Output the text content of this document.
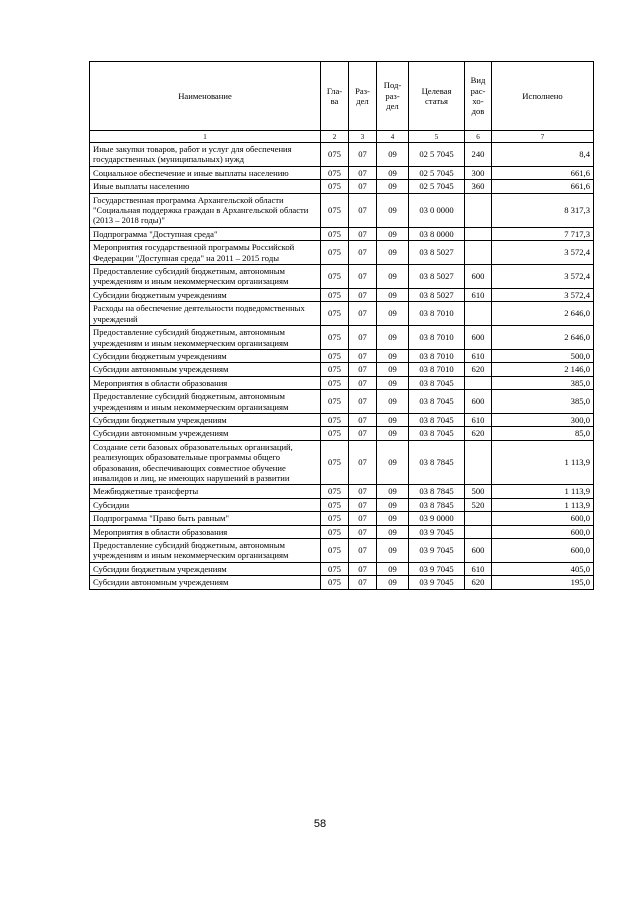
Наименование	Гла-ва	Раз-дел	Под-раз-дел	Целевая статья	Вид рас-хо-дов	Исполнено
1	2	3	4	5	6	7
Иные закупки товаров, работ и услуг для обеспечения государственных (муниципальных) нужд	075	07	09	02 5 7045	240	8,4
Социальное обеспечение и иные выплаты населению	075	07	09	02 5 7045	300	661,6
Иные выплаты населению	075	07	09	02 5 7045	360	661,6
Государственная программа Архангельской области "Социальная поддержка граждан в Архангельской области (2013 – 2018 годы)"	075	07	09	03 0 0000		8 317,3
Подпрограмма "Доступная среда"	075	07	09	03 8 0000		7 717,3
Мероприятия государственной программы Российской Федерации "Доступная среда" на 2011 – 2015 годы	075	07	09	03 8 5027		3 572,4
Предоставление субсидий бюджетным, автономным учреждениям и иным некоммерческим организациям	075	07	09	03 8 5027	600	3 572,4
Субсидии бюджетным учреждениям	075	07	09	03 8 5027	610	3 572,4
Расходы на обеспечение деятельности подведомственных учреждений	075	07	09	03 8 7010		2 646,0
Предоставление субсидий бюджетным, автономным учреждениям и иным некоммерческим организациям	075	07	09	03 8 7010	600	2 646,0
Субсидии бюджетным учреждениям	075	07	09	03 8 7010	610	500,0
Субсидии автономным учреждениям	075	07	09	03 8 7010	620	2 146,0
Мероприятия в области образования	075	07	09	03 8 7045		385,0
Предоставление субсидий бюджетным, автономным учреждениям и иным некоммерческим организациям	075	07	09	03 8 7045	600	385,0
Субсидии бюджетным учреждениям	075	07	09	03 8 7045	610	300,0
Субсидии автономным учреждениям	075	07	09	03 8 7045	620	85,0
Создание сети базовых образовательных организаций, реализующих образовательные программы общего образования, обеспечивающих совместное обучение инвалидов и лиц, не имеющих нарушений в развитии	075	07	09	03 8 7845		1 113,9
Межбюджетные трансферты	075	07	09	03 8 7845	500	1 113,9
Субсидии	075	07	09	03 8 7845	520	1 113,9
Подпрограмма "Право быть равным"	075	07	09	03 9 0000		600,0
Мероприятия в области образования	075	07	09	03 9 7045		600,0
Предоставление субсидий бюджетным, автономным учреждениям и иным некоммерческим организациям	075	07	09	03 9 7045	600	600,0
Субсидии бюджетным учреждениям	075	07	09	03 9 7045	610	405,0
Субсидии автономным учреждениям	075	07	09	03 9 7045	620	195,0
58
